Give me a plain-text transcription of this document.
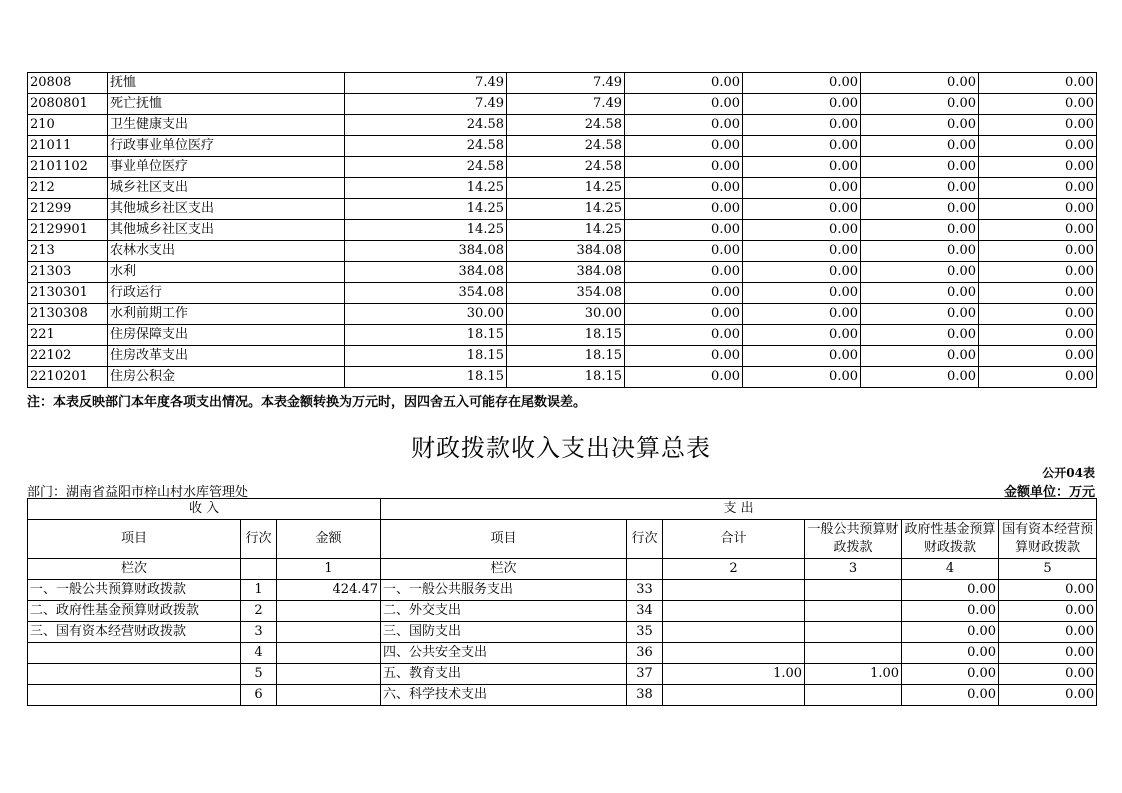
20808	抚恤	7.49	7.49	0.00	0.00	0.00	0.00
2080801	死亡抚恤	7.49	7.49	0.00	0.00	0.00	0.00
210	卫生健康支出	24.58	24.58	0.00	0.00	0.00	0.00
21011	行政事业单位医疗	24.58	24.58	0.00	0.00	0.00	0.00
2101102	事业单位医疗	24.58	24.58	0.00	0.00	0.00	0.00
212	城乡社区支出	14.25	14.25	0.00	0.00	0.00	0.00
21299	其他城乡社区支出	14.25	14.25	0.00	0.00	0.00	0.00
2129901	其他城乡社区支出	14.25	14.25	0.00	0.00	0.00	0.00
213	农林水支出	384.08	384.08	0.00	0.00	0.00	0.00
21303	水利	384.08	384.08	0.00	0.00	0.00	0.00
2130301	行政运行	354.08	354.08	0.00	0.00	0.00	0.00
2130308	水利前期工作	30.00	30.00	0.00	0.00	0.00	0.00
221	住房保障支出	18.15	18.15	0.00	0.00	0.00	0.00
22102	住房改革支出	18.15	18.15	0.00	0.00	0.00	0.00
2210201	住房公积金	18.15	18.15	0.00	0.00	0.00	0.00
注：本表反映部门本年度各项支出情况。本表金额转换为万元时，因四舍五入可能存在尾数误差。
财政拨款收入支出决算总表
公开04表
部门：湖南省益阳市梓山村水库管理处	金额单位：万元
收 入			支 出					
项目	行次	金额	项目	行次	合计	一般公共预算财政拨款	政府性基金预算财政拨款	国有资本经营预算财政拨款
栏次		1	栏次		2	3	4	5
一、一般公共预算财政拨款	1	424.47	一、一般公共服务支出	33			0.00	0.00
二、政府性基金预算财政拨款	2		二、外交支出	34			0.00	0.00
三、国有资本经营财政拨款	3		三、国防支出	35			0.00	0.00
	4		四、公共安全支出	36			0.00	0.00
	5		五、教育支出	37	1.00	1.00	0.00	0.00
	6		六、科学技术支出	38			0.00	0.00
